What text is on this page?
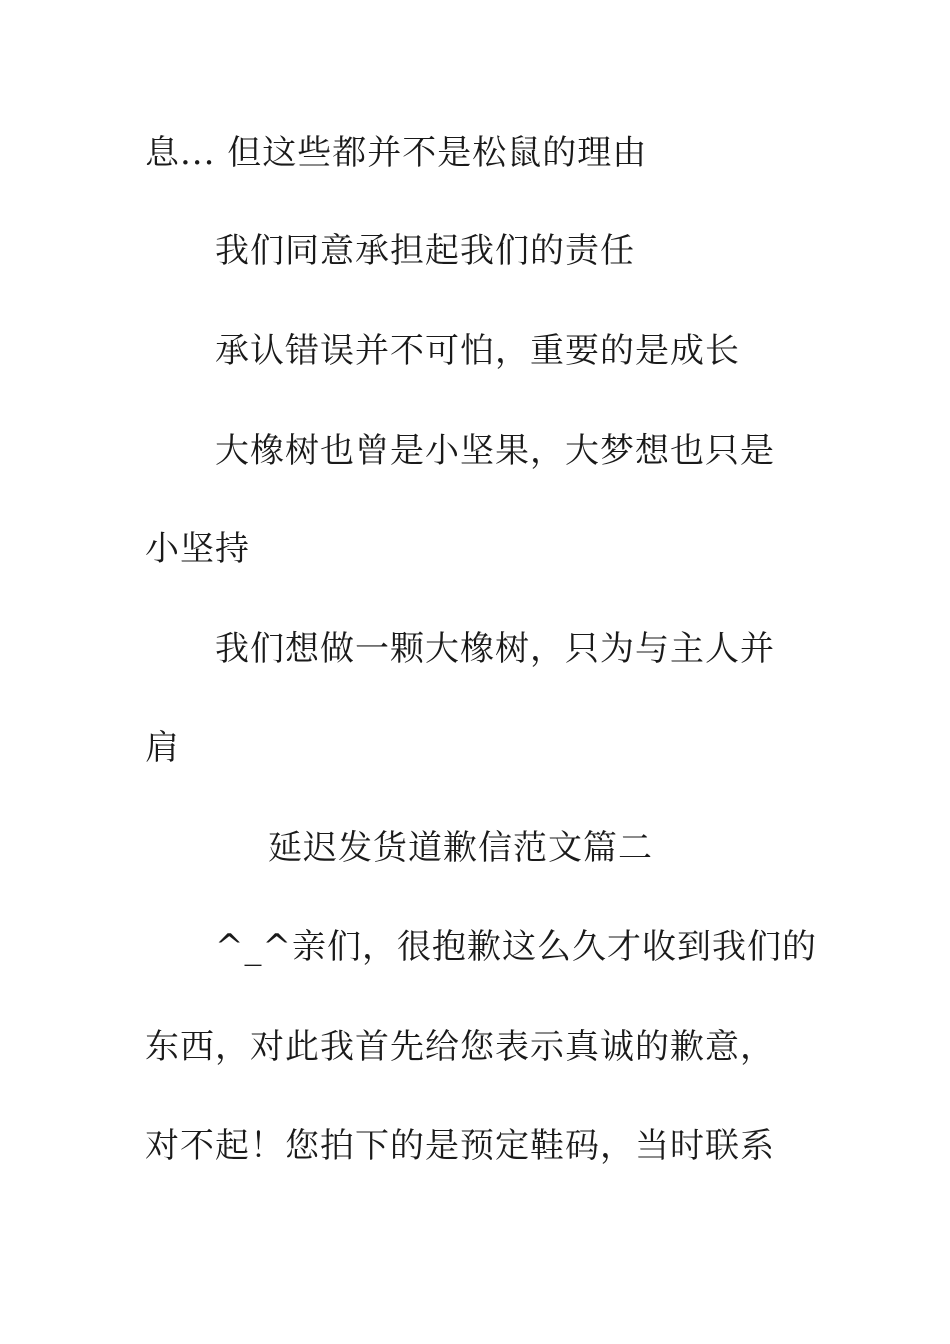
息... 但这些都并不是松鼠的理由
我们同意承担起我们的责任
承认错误并不可怕，重要的是成长
大橡树也曾是小坚果，大梦想也只是
小坚持
我们想做一颗大橡树，只为与主人并
肩
延迟发货道歉信范文篇二
^_^亲们，很抱歉这么久才收到我们的
东西，对此我首先给您表示真诚的歉意，
对不起！您拍下的是预定鞋码，当时联系
